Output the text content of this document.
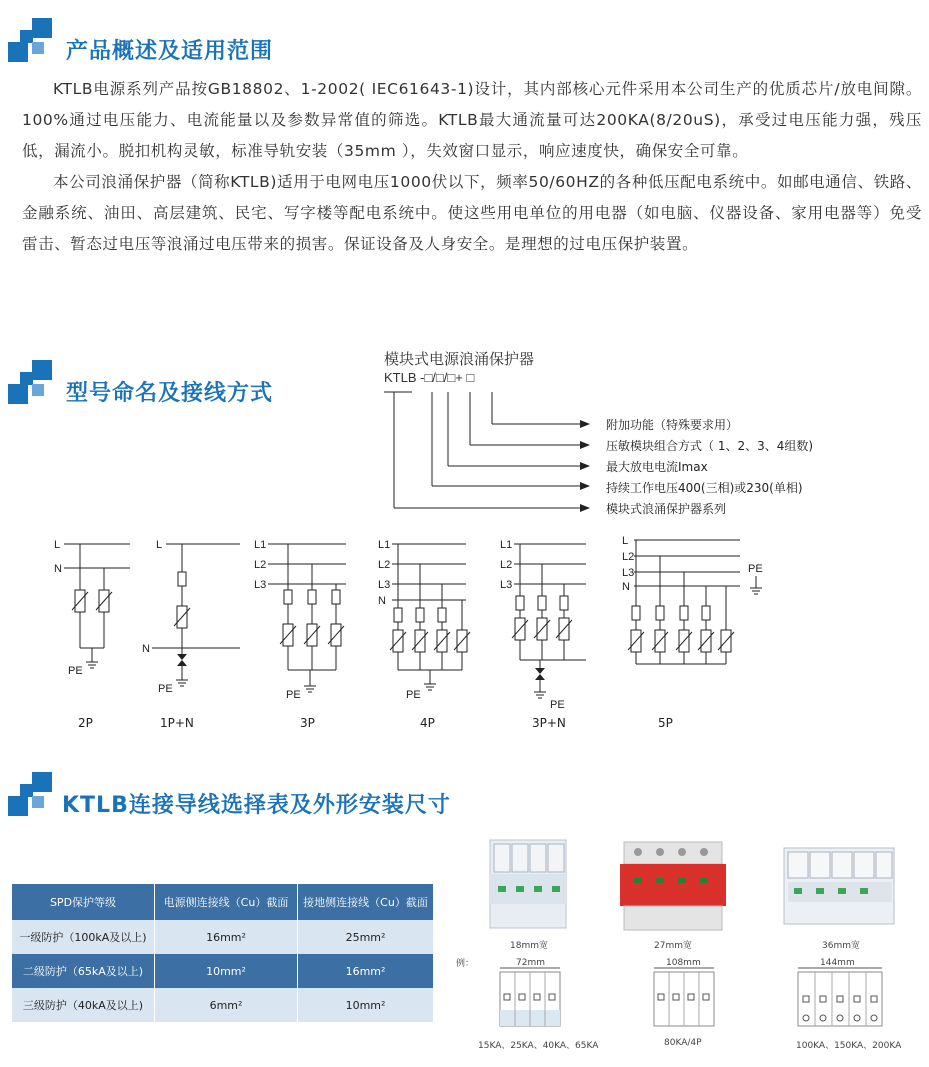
产品概述及适用范围

KTLB电源系列产品按GB18802、1-2002( IEC61643-1)设计，其内部核心元件采用本公司生产的优质芯片/放电间隙。100%通过电压能力、电流能量以及参数异常值的筛选。KTLB最大通流量可达200KA(8/20uS)，承受过电压能力强，残压低，漏流小。脱扣机构灵敏，标准导轨安装（35mm ），失效窗口显示，响应速度快，确保安全可靠。

本公司浪涌保护器（简称KTLB)适用于电网电压1000伏以下，频率50/60HZ的各种低压配电系统中。如邮电通信、铁路、金融系统、油田、高层建筑、民宅、写字楼等配电系统中。使这些用电单位的用电器（如电脑、仪器设备、家用电器等）免受雷击、暂态过电压等浪涌过电压带来的损害。保证设备及人身安全。是理想的过电压保护装置。

型号命名及接线方式
模块式电源浪涌保护器
KTLB -□/□/□+ □
附加功能（特殊要求用）
压敏模块组合方式（ 1、2、3、4组数)
最大放电电流Imax
持续工作电压400(三相)或230(单相)
模块式浪涌保护器系列
L
N
PE
L
N
PE
L1
L2
L3
PE
L1
L2
L3
N
PE
L1
L2
L3
PE
L
L2
L3
N
PE
2P	1P+N	3P	4P	3P+N	5P
KTLB连接导线选择表及外形安装尺寸
SPD保护等级	电源侧连接线（Cu）截面	接地侧连接线（Cu）截面
一级防护（100kA及以上)	16mm²	25mm²
二级防护（65kA及以上)	10mm²	16mm²
三级防护（40kA及以上)	6mm²	10mm²
18mm宽	27mm宽	36mm宽
例：	72mm
15KA、25KA、40KA、65KA
108mm
80KA/4P
144mm
100KA、150KA、200KA
